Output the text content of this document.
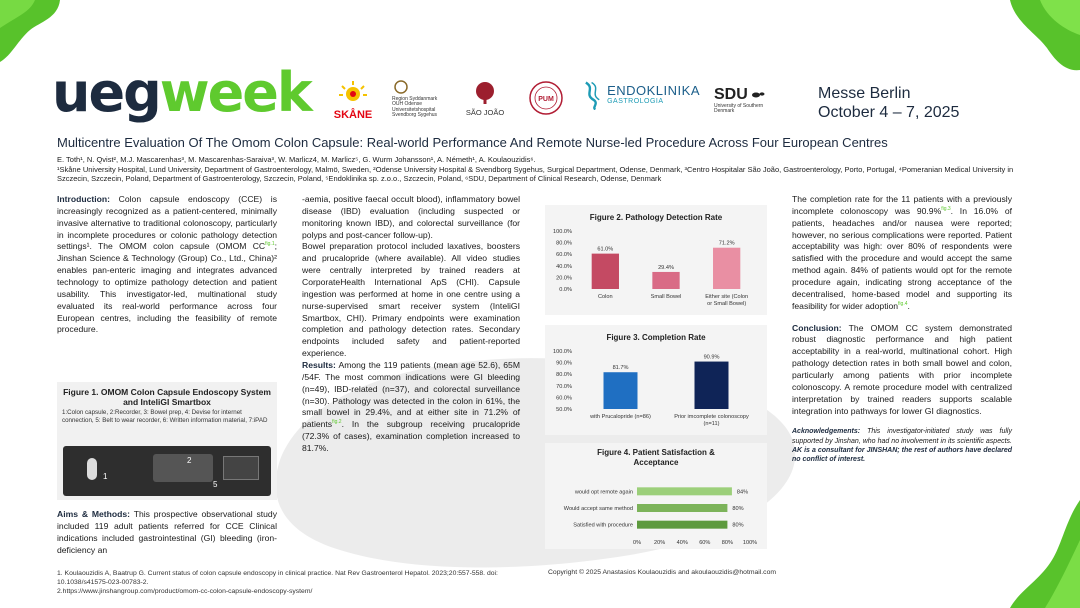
uegweek	SKÅNE
Region Syddanmark
OUH Odense Universitetshospital Svendborg Sygehus	SÃO JOÃO
PUM
ENDOKLINIKA
GASTROLOGIA	SDU
University of Southern Denmark
Messe Berlin
October 4 – 7, 2025
Multicentre Evaluation Of The Omom Colon Capsule: Real-world Performance And Remote Nurse-led Procedure Across Four European Centres
E. Toth¹, N. Qvist², M.J. Mascarenhas³, M. Mascarenhas-Saraiva³, W. Marlicz4, M. Marlicz⁵, G. Wurm Johansson¹, A. Németh¹, A. Koulaouzidis⁶.
¹Skåne University Hospital, Lund University, Department of Gastroenterology, Malmö, Sweden, ²Odense University Hospital & Svendborg Sygehus, Surgical Department, Odense, Denmark, ³Centro Hospitalar São João, Gastroenterology, Porto, Portugal, ⁴Pomeranian Medical University in Szczecin, Szczecin, Poland, Department of Gastroenterology, Szczecin, Poland, ⁵Endoklinika sp. z.o.o., Szczecin, Poland, ⁶SDU, Department of Clinical Research, Odense, Denmark

Introduction: Colon capsule endoscopy (CCE) is increasingly recognized as a patient-centered, minimally invasive alternative to traditional colonoscopy, particularly in incomplete procedures or colonic pathology detection settings¹. The OMOM colon capsule (OMOM $CC^{fig.1}$; Jinshan Science & Technology (Group) Co., Ltd., China)² enables pan-enteric imaging and integrates advanced technology to optimize pathology detection and patient usability. This investigator-led, multinational study evaluated its real-world performance across four European centres, including the feasibility of remote procedure.

Figure 1. OMOM Colon Capsule Endoscopy System and InteliGI Smartbox
1:Colon capsule, 2:Recorder, 3: Bowel prep, 4: Devise for internet connection, 5: Belt to wear recorder, 6: Written information material, 7:iPAD
1
2
5

Aims & Methods: This prospective observational study included 119 adult patients referred for CCE Clinical indications included gastrointestinal (GI) bleeding (iron-deficiency an

-aemia, positive faecal occult blood), inflammatory bowel disease (IBD) evaluation (including suspected or monitoring known IBD), and colorectal surveillance (for polyps and post-cancer follow-up).

Bowel preparation protocol included laxatives, boosters and prucalopride (where available). All video studies were centrally interpreted by trained readers at CorporateHealth International ApS (CHI). Capsule ingestion was performed at home in one centre using a nurse-supervised smart receiver system (InteliGI Smartbox, CHI). Primary endpoints were examination completion and pathology detection rates. Secondary endpoints included safety and patient-reported experience.

Results: Among the 119 patients (mean age 52.6), 65M /54F. The most common indications were GI bleeding (n=49), IBD-related (n=37), and colorectal surveillance (n=30). Pathology was detected in the colon in 61%, the small bowel in 29.4%, and at either site in 71.2% of patients$^{fig.2}$. In the subgroup receiving prucalopride (72.3% of cases), examination completion increased to 81.7%.

Figure 2. Pathology Detection Rate
0.0%
20.0%
40.0%
60.0%
80.0%
100.0%
61.0%
Colon
29.4%
Small Bowel
71.2%
Either site (Colon
or Small Bowel)
Figure 3. Completion Rate
50.0%
60.0%
70.0%
80.0%
90.0%
100.0%
81.7%
with Prucalopride (n=86)
90.9%
Prior imcomplete colonoscopy
(n=11)
Figure 4. Patient Satisfaction &
Acceptance
would opt remote again	84%
Would accept same method	80%
Satisfied with procedure	80%
0% 20% 40% 60% 80% 100%

The completion rate for the 11 patients with a previously incomplete colonoscopy was 90.9%$^{fig.3}$. In 16.0% of patients, headaches and/or nausea were reported; however, no serious complications were reported. Patient acceptability was high: over 80% of respondents were satisfied with the procedure and would accept the same method again. 84% of patients would opt for the remote procedure again, indicating strong acceptance of the decentralised, home-based model and supporting its feasibility for wider adoption$^{fig.4}$.

Conclusion: The OMOM CC system demonstrated robust diagnostic performance and high patient acceptability in a real-world, multinational cohort. High pathology detection rates in both small bowel and colon, particularly among patients with prior incomplete colonoscopy. A remote procedure model with centralized interpretation by trained readers supports scalable integration into pathways for lower GI diagnostics.

Acknowledgements: This investigator-initiated study was fully supported by Jinshan, who had no involvement in its scientific aspects. AK is a consultant for JINSHAN; the rest of authors have declared no conflict of interest.

1. Koulaouzidis A, Baatrup G. Current status of colon capsule endoscopy in clinical practice. Nat Rev Gastroenterol Hepatol. 2023;20:557-558. doi: 10.1038/s41575-023-00783-2.
2.https://www.jinshangroup.com/product/omom-cc-colon-capsule-endoscopy-system/
Copyright © 2025 Anastasios Koulaouzidis and akoulaouzidis@hotmail.com
